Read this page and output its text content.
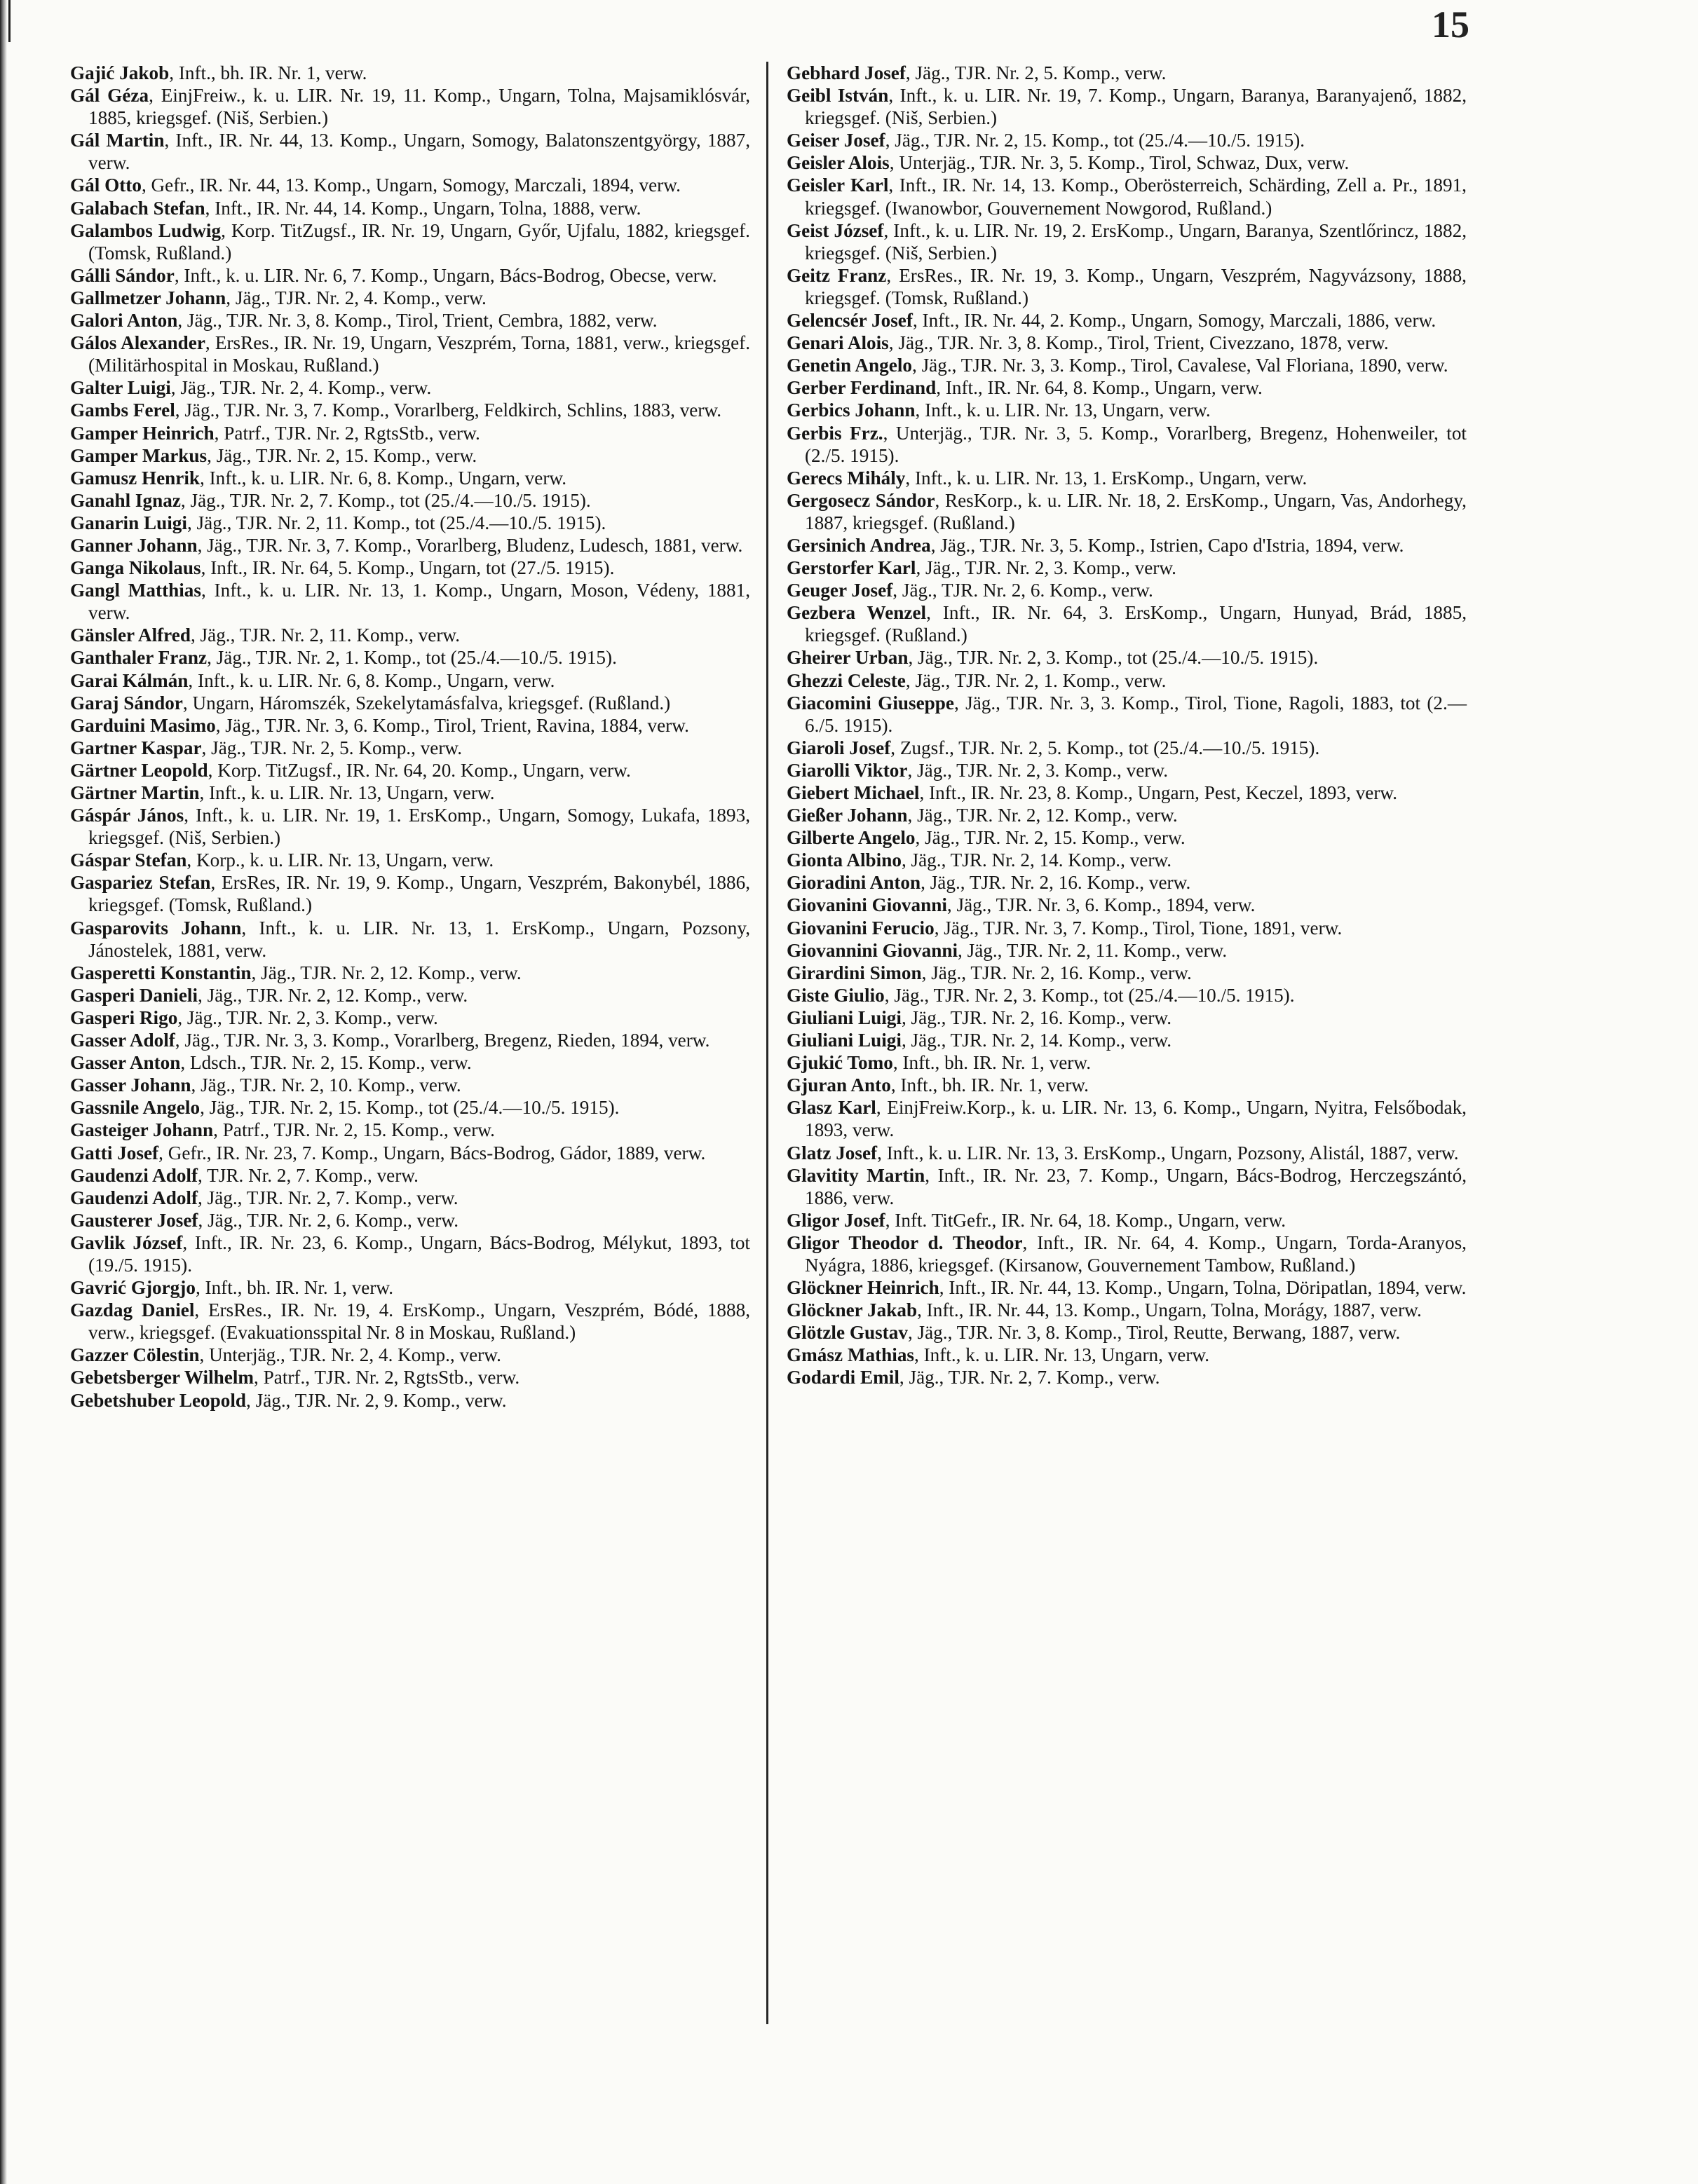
15
Gajić Jakob, Inft., bh. IR. Nr. 1, verw.
Gál Géza, EinjFreiw., k. u. LIR. Nr. 19, 11. Komp., Ungarn, Tolna, Majsamiklósvár, 1885, kriegsgef. (Niš, Serbien.)
Gál Martin, Inft., IR. Nr. 44, 13. Komp., Ungarn, Somogy, Balatonszentgyörgy, 1887, verw.
Gál Otto, Gefr., IR. Nr. 44, 13. Komp., Ungarn, Somogy, Marczali, 1894, verw.
Galabach Stefan, Inft., IR. Nr. 44, 14. Komp., Ungarn, Tolna, 1888, verw.
Galambos Ludwig, Korp. TitZugsf., IR. Nr. 19, Ungarn, Győr, Ujfalu, 1882, kriegsgef. (Tomsk, Rußland.)
Gálli Sándor, Inft., k. u. LIR. Nr. 6, 7. Komp., Ungarn, Bács-Bodrog, Obecse, verw.
Gallmetzer Johann, Jäg., TJR. Nr. 2, 4. Komp., verw.
Galori Anton, Jäg., TJR. Nr. 3, 8. Komp., Tirol, Trient, Cembra, 1882, verw.
Gálos Alexander, ErsRes., IR. Nr. 19, Ungarn, Veszprém, Torna, 1881, verw., kriegsgef. (Militärhospital in Moskau, Rußland.)
Galter Luigi, Jäg., TJR. Nr. 2, 4. Komp., verw.
Gambs Ferel, Jäg., TJR. Nr. 3, 7. Komp., Vorarlberg, Feldkirch, Schlins, 1883, verw.
Gamper Heinrich, Patrf., TJR. Nr. 2, RgtsStb., verw.
Gamper Markus, Jäg., TJR. Nr. 2, 15. Komp., verw.
Gamusz Henrik, Inft., k. u. LIR. Nr. 6, 8. Komp., Ungarn, verw.
Ganahl Ignaz, Jäg., TJR. Nr. 2, 7. Komp., tot (25./4.—10./5. 1915).
Ganarin Luigi, Jäg., TJR. Nr. 2, 11. Komp., tot (25./4.—10./5. 1915).
Ganner Johann, Jäg., TJR. Nr. 3, 7. Komp., Vorarlberg, Bludenz, Ludesch, 1881, verw.
Ganga Nikolaus, Inft., IR. Nr. 64, 5. Komp., Ungarn, tot (27./5. 1915).
Gangl Matthias, Inft., k. u. LIR. Nr. 13, 1. Komp., Ungarn, Moson, Védeny, 1881, verw.
Gänsler Alfred, Jäg., TJR. Nr. 2, 11. Komp., verw.
Ganthaler Franz, Jäg., TJR. Nr. 2, 1. Komp., tot (25./4.—10./5. 1915).
Garai Kálmán, Inft., k. u. LIR. Nr. 6, 8. Komp., Ungarn, verw.
Garaj Sándor, Ungarn, Háromszék, Szekelytamásfalva, kriegsgef. (Rußland.)
Garduini Masimo, Jäg., TJR. Nr. 3, 6. Komp., Tirol, Trient, Ravina, 1884, verw.
Gartner Kaspar, Jäg., TJR. Nr. 2, 5. Komp., verw.
Gärtner Leopold, Korp. TitZugsf., IR. Nr. 64, 20. Komp., Ungarn, verw.
Gärtner Martin, Inft., k. u. LIR. Nr. 13, Ungarn, verw.
Gáspár János, Inft., k. u. LIR. Nr. 19, 1. ErsKomp., Ungarn, Somogy, Lukafa, 1893, kriegsgef. (Niš, Serbien.)
Gáspar Stefan, Korp., k. u. LIR. Nr. 13, Ungarn, verw.
Gaspariez Stefan, ErsRes, IR. Nr. 19, 9. Komp., Ungarn, Veszprém, Bakonybél, 1886, kriegsgef. (Tomsk, Rußland.)
Gasparovits Johann, Inft., k. u. LIR. Nr. 13, 1. ErsKomp., Ungarn, Pozsony, Jánostelek, 1881, verw.
Gasperetti Konstantin, Jäg., TJR. Nr. 2, 12. Komp., verw.
Gasperi Danieli, Jäg., TJR. Nr. 2, 12. Komp., verw.
Gasperi Rigo, Jäg., TJR. Nr. 2, 3. Komp., verw.
Gasser Adolf, Jäg., TJR. Nr. 3, 3. Komp., Vorarlberg, Bregenz, Rieden, 1894, verw.
Gasser Anton, Ldsch., TJR. Nr. 2, 15. Komp., verw.
Gasser Johann, Jäg., TJR. Nr. 2, 10. Komp., verw.
Gassnile Angelo, Jäg., TJR. Nr. 2, 15. Komp., tot (25./4.—10./5. 1915).
Gasteiger Johann, Patrf., TJR. Nr. 2, 15. Komp., verw.
Gatti Josef, Gefr., IR. Nr. 23, 7. Komp., Ungarn, Bács-Bodrog, Gádor, 1889, verw.
Gaudenzi Adolf, TJR. Nr. 2, 7. Komp., verw.
Gaudenzi Adolf, Jäg., TJR. Nr. 2, 7. Komp., verw.
Gausterer Josef, Jäg., TJR. Nr. 2, 6. Komp., verw.
Gavlik József, Inft., IR. Nr. 23, 6. Komp., Ungarn, Bács-Bodrog, Mélykut, 1893, tot (19./5. 1915).
Gavrić Gjorgjo, Inft., bh. IR. Nr. 1, verw.
Gazdag Daniel, ErsRes., IR. Nr. 19, 4. ErsKomp., Ungarn, Veszprém, Bódé, 1888, verw., kriegsgef. (Evakuationsspital Nr. 8 in Moskau, Rußland.)
Gazzer Cölestin, Unterjäg., TJR. Nr. 2, 4. Komp., verw.
Gebetsberger Wilhelm, Patrf., TJR. Nr. 2, RgtsStb., verw.
Gebetshuber Leopold, Jäg., TJR. Nr. 2, 9. Komp., verw.
Gebhard Josef, Jäg., TJR. Nr. 2, 5. Komp., verw.
Geibl István, Inft., k. u. LIR. Nr. 19, 7. Komp., Ungarn, Baranya, Baranyajenő, 1882, kriegsgef. (Niš, Serbien.)
Geiser Josef, Jäg., TJR. Nr. 2, 15. Komp., tot (25./4.—10./5. 1915).
Geisler Alois, Unterjäg., TJR. Nr. 3, 5. Komp., Tirol, Schwaz, Dux, verw.
Geisler Karl, Inft., IR. Nr. 14, 13. Komp., Oberösterreich, Schärding, Zell a. Pr., 1891, kriegsgef. (Iwanowbor, Gouvernement Nowgorod, Rußland.)
Geist József, Inft., k. u. LIR. Nr. 19, 2. ErsKomp., Ungarn, Baranya, Szentlőrincz, 1882, kriegsgef. (Niš, Serbien.)
Geitz Franz, ErsRes., IR. Nr. 19, 3. Komp., Ungarn, Veszprém, Nagyvázsony, 1888, kriegsgef. (Tomsk, Rußland.)
Gelencsér Josef, Inft., IR. Nr. 44, 2. Komp., Ungarn, Somogy, Marczali, 1886, verw.
Genari Alois, Jäg., TJR. Nr. 3, 8. Komp., Tirol, Trient, Civezzano, 1878, verw.
Genetin Angelo, Jäg., TJR. Nr. 3, 3. Komp., Tirol, Cavalese, Val Floriana, 1890, verw.
Gerber Ferdinand, Inft., IR. Nr. 64, 8. Komp., Ungarn, verw.
Gerbics Johann, Inft., k. u. LIR. Nr. 13, Ungarn, verw.
Gerbis Frz., Unterjäg., TJR. Nr. 3, 5. Komp., Vorarlberg, Bregenz, Hohenweiler, tot (2./5. 1915).
Gerecs Mihály, Inft., k. u. LIR. Nr. 13, 1. ErsKomp., Ungarn, verw.
Gergosecz Sándor, ResKorp., k. u. LIR. Nr. 18, 2. ErsKomp., Ungarn, Vas, Andorhegy, 1887, kriegsgef. (Rußland.)
Gersinich Andrea, Jäg., TJR. Nr. 3, 5. Komp., Istrien, Capo d'Istria, 1894, verw.
Gerstorfer Karl, Jäg., TJR. Nr. 2, 3. Komp., verw.
Geuger Josef, Jäg., TJR. Nr. 2, 6. Komp., verw.
Gezbera Wenzel, Inft., IR. Nr. 64, 3. ErsKomp., Ungarn, Hunyad, Brád, 1885, kriegsgef. (Rußland.)
Gheirer Urban, Jäg., TJR. Nr. 2, 3. Komp., tot (25./4.—10./5. 1915).
Ghezzi Celeste, Jäg., TJR. Nr. 2, 1. Komp., verw.
Giacomini Giuseppe, Jäg., TJR. Nr. 3, 3. Komp., Tirol, Tione, Ragoli, 1883, tot (2.—6./5. 1915).
Giaroli Josef, Zugsf., TJR. Nr. 2, 5. Komp., tot (25./4.—10./5. 1915).
Giarolli Viktor, Jäg., TJR. Nr. 2, 3. Komp., verw.
Giebert Michael, Inft., IR. Nr. 23, 8. Komp., Ungarn, Pest, Keczel, 1893, verw.
Gießer Johann, Jäg., TJR. Nr. 2, 12. Komp., verw.
Gilberte Angelo, Jäg., TJR. Nr. 2, 15. Komp., verw.
Gionta Albino, Jäg., TJR. Nr. 2, 14. Komp., verw.
Gioradini Anton, Jäg., TJR. Nr. 2, 16. Komp., verw.
Giovanini Giovanni, Jäg., TJR. Nr. 3, 6. Komp., 1894, verw.
Giovanini Ferucio, Jäg., TJR. Nr. 3, 7. Komp., Tirol, Tione, 1891, verw.
Giovannini Giovanni, Jäg., TJR. Nr. 2, 11. Komp., verw.
Girardini Simon, Jäg., TJR. Nr. 2, 16. Komp., verw.
Giste Giulio, Jäg., TJR. Nr. 2, 3. Komp., tot (25./4.—10./5. 1915).
Giuliani Luigi, Jäg., TJR. Nr. 2, 16. Komp., verw.
Giuliani Luigi, Jäg., TJR. Nr. 2, 14. Komp., verw.
Gjukić Tomo, Inft., bh. IR. Nr. 1, verw.
Gjuran Anto, Inft., bh. IR. Nr. 1, verw.
Glasz Karl, EinjFreiw.Korp., k. u. LIR. Nr. 13, 6. Komp., Ungarn, Nyitra, Felsőbodak, 1893, verw.
Glatz Josef, Inft., k. u. LIR. Nr. 13, 3. ErsKomp., Ungarn, Pozsony, Alistál, 1887, verw.
Glavitity Martin, Inft., IR. Nr. 23, 7. Komp., Ungarn, Bács-Bodrog, Herczegszántó, 1886, verw.
Gligor Josef, Inft. TitGefr., IR. Nr. 64, 18. Komp., Ungarn, verw.
Gligor Theodor d. Theodor, Inft., IR. Nr. 64, 4. Komp., Ungarn, Torda-Aranyos, Nyágra, 1886, kriegsgef. (Kirsanow, Gouvernement Tambow, Rußland.)
Glöckner Heinrich, Inft., IR. Nr. 44, 13. Komp., Ungarn, Tolna, Döripatlan, 1894, verw.
Glöckner Jakab, Inft., IR. Nr. 44, 13. Komp., Ungarn, Tolna, Morágy, 1887, verw.
Glötzle Gustav, Jäg., TJR. Nr. 3, 8. Komp., Tirol, Reutte, Berwang, 1887, verw.
Gmász Mathias, Inft., k. u. LIR. Nr. 13, Ungarn, verw.
Godardi Emil, Jäg., TJR. Nr. 2, 7. Komp., verw.
